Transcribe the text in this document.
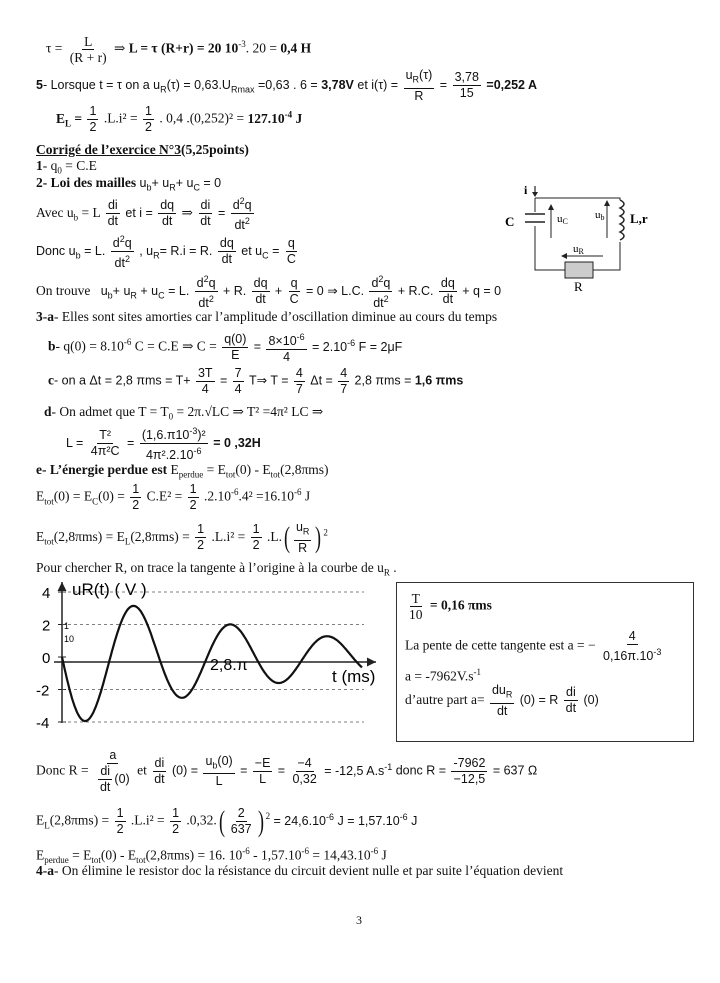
$\tau = \frac{L}{(R + r)}$ ⇒ L = τ (R+r) = 20 $10^{-3}$. 20 = 0,4 H
5- Lorsque t = τ on a $u_R(\tau) = 0,63.U_{Rmax} =0,63$ . 6 = 3,78V et $i(\tau) = \frac{u_R(\tau)}{R} = \frac{3,78}{15} =0,252$ A
$E_L = \frac{1}{2} .L.i^2 = \frac{1}{2}$ . 0,4 $.(0,252)^2 = 127.10^{-4}$ J
Corrigé de l’exercice N°3(5,25points)
1- $q_0 = C.E$
2- Loi des mailles $u_b+ u_R+ u_C = 0$
Avec $u_b = L \frac{di}{dt}$ et $i = \frac{dq}{dt}$ ⇒ $\frac{di}{dt} = \frac{d^2q}{dt^2}$
Donc $u_b = L$. $\frac{d^2q}{dt^2}$ , $u_R= R.i = R$. $\frac{dq}{dt}$ et $u_C = \frac{q}{C}$
On trouve   $u_b+ u_R + u_C = L$. $\frac{d^2q}{dt^2} + R$. $\frac{dq}{dt} + \frac{q}{C} = 0$ ⇒ L.C. $\frac{d^2q}{dt^2} + R.C$. $\frac{dq}{dt} + q = 0$
3-a- Elles sont sites amorties car l’amplitude d’oscillation diminue au cours du temps
b- $q(0) = 8.10^{-6}$ C = C.E ⇒ $C = \frac{q(0)}{E} = \frac{8\times 10^{-6}}{4} = 2.10^{-6}$ F = 2μF
c- on a Δt = 2,8 $\pi ms = T+ \frac{3T}{4} = \frac{7}{4}$ T⇒ $T = \frac{4}{7}$ $\Delta t = \frac{4}{7} 2,8$ πms = 1,6 πms
d- On admet que $T = T_0 = 2\pi.√LC$ ⇒ T² =4π² LC ⇒
$L = \frac{\text{T²}}{\text{4π²C}} = \frac{(1,6.\pi 10^{-3})^2}{4\pi^2.2.10^{-6}} = 0$ ,32H
e- L’énergie perdue est $E_{perdue} = E_{tot}(0) - E_{tot}(2,8\pi ms)$
$E_{tot}(0) = E_C(0) = \frac{1}{2} C.E^2 = \frac{1}{2} .2.10^{-6}.4^2 =16.10^{-6}$ J
$E_{tot}(2,8\pi ms) = E_L(2,8\pi ms) = \frac{1}{2} .L.i^2 = \frac{1}{2} .L.( \frac{u_R}{R}$ ) $^2$
Pour chercher R, on trace la tangente à l’origine à la courbe de $u_R$ .
uR(t) ( V )
t (ms)
2,8.π
1
10
4
2
0
-2
-4
$\frac{T}{10} = 0,16$ πms
La pente de cette tangente est a = − $\frac{4}{0,16\pi.10^{-3}}$
$a = -7962V.s^{-1}$
d’autre part $a= \frac{du_R}{dt} (0) = R \frac{di}{dt} (0)$
Donc $R = \frac{a}{\frac{di}{dt} (0)}$ et $\frac{di}{dt} (0) = \frac{u_b(0)}{L} = \frac{-E}{L} = \frac{-4}{0,32} = -12,5$ $A.s^{-1}$ donc $R = \frac{-7962}{-12,5} = 637$ Ω
$E_L(2,8\pi ms) = \frac{1}{2} .L.i^2 = \frac{1}{2} .0,32.( \frac{2}{637}$ ) $^2 = 24,6.10^{-6}$ $J = 1,57.10^{-6}$ J
$E_{perdue} = E_{tot}(0) - E_{tot}(2,8\pi ms) = 16$. $10^{-6} - 1,57.10^{-6} = 14,43.10^{-6}$ J
4-a- On élimine le resistor doc la résistance du circuit devient nulle et par suite l’équation devient
3
i
C	uC
ub L,r
uR
R
